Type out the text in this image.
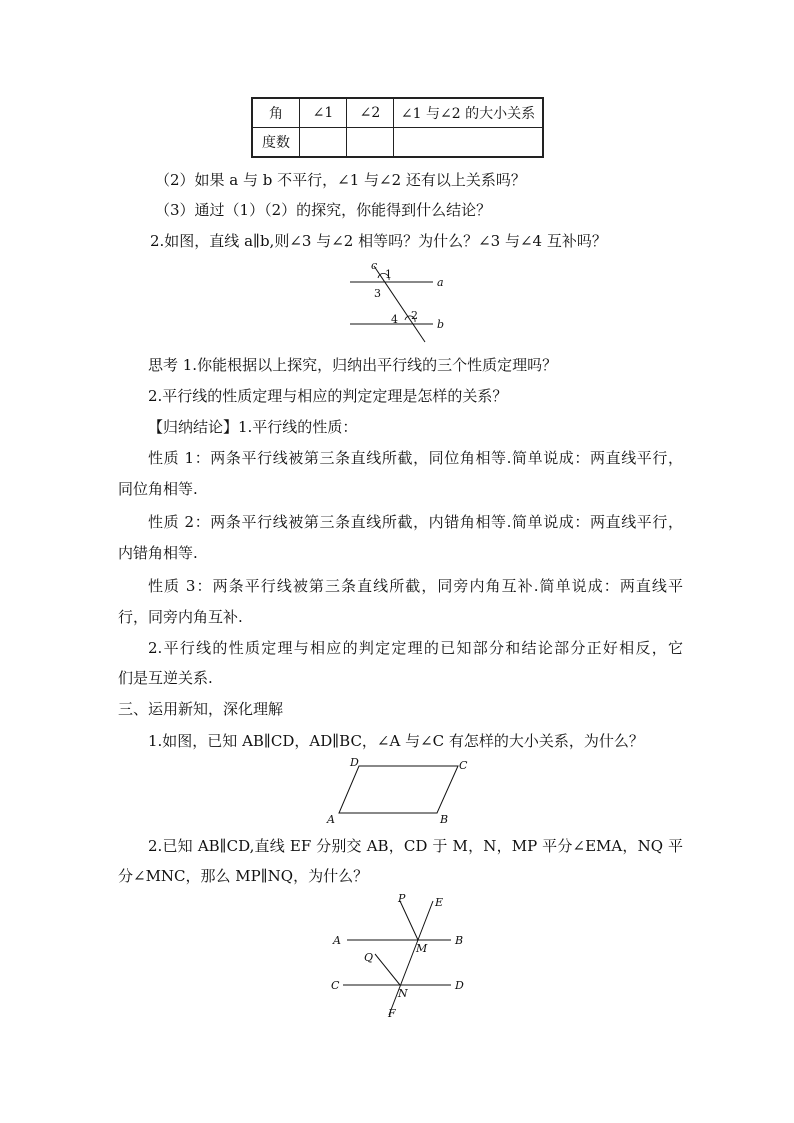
角	∠1	∠2	∠1 与∠2 的大小关系
度数			
（2）如果 a 与 b 不平行，∠1 与∠2 还有以上关系吗？
（3）通过（1）（2）的探究，你能得到什么结论？
2.如图，直线 a∥b,则∠3 与∠2 相等吗？为什么？∠3 与∠4 互补吗？
c
1
3
a
2
4	b
思考 1.你能根据以上探究，归纳出平行线的三个性质定理吗？
2.平行线的性质定理与相应的判定定理是怎样的关系？
【归纳结论】1.平行线的性质：
性质 1：两条平行线被第三条直线所截，同位角相等.简单说成：两直线平行，
同位角相等.
性质 2：两条平行线被第三条直线所截，内错角相等.简单说成：两直线平行，
内错角相等.
性质 3：两条平行线被第三条直线所截，同旁内角互补.简单说成：两直线平
行，同旁内角互补.
2.平行线的性质定理与相应的判定定理的已知部分和结论部分正好相反，它
们是互逆关系.
三、运用新知，深化理解
1.如图，已知 AB∥CD，AD∥BC，∠A 与∠C 有怎样的大小关系，为什么？
A	B
C
D
2.已知 AB∥CD,直线 EF 分别交 AB，CD 于 M，N，MP 平分∠EMA，NQ 平
分∠MNC，那么 MP∥NQ，为什么？
A	B
C	D
E
F
M
N
P
Q
